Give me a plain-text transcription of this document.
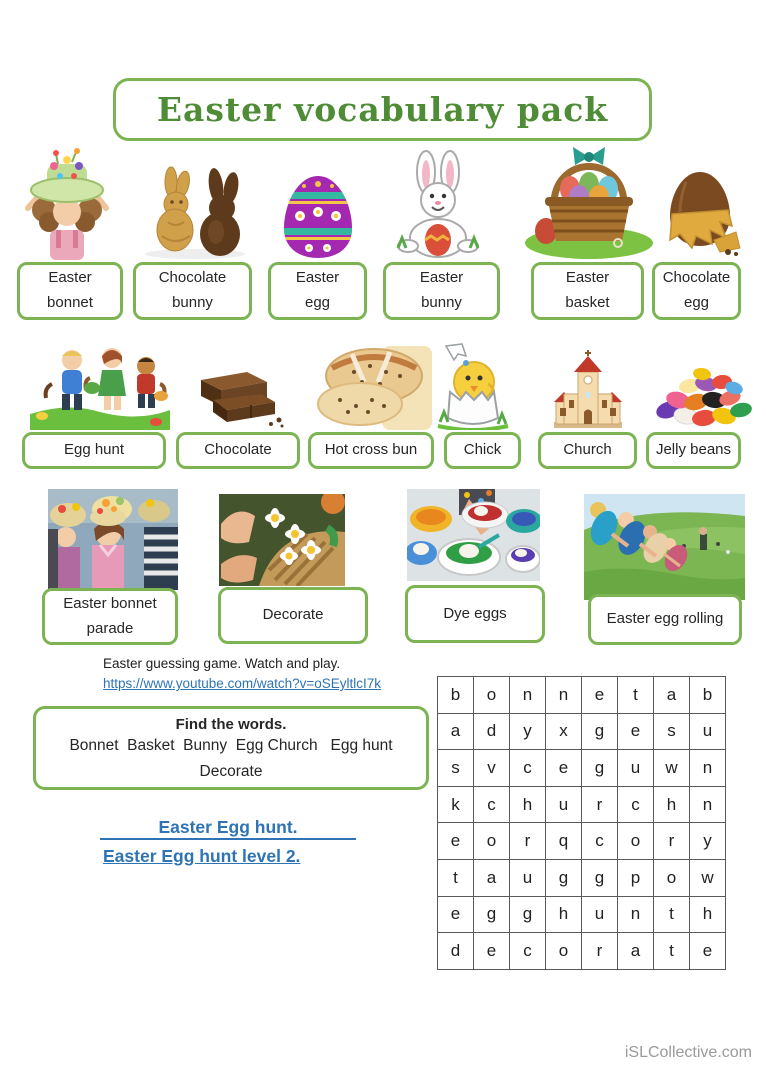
Easter vocabulary pack
Easter bonnet
Chocolate bunny
Easter egg
Easter bunny
Easter basket
Chocolate egg
Egg hunt	Chocolate	Hot cross bun	Chick	Church	Jelly beans
Easter bonnet parade
Decorate	Dye eggs	Easter egg rolling
Easter guessing game. Watch and play.
https://www.youtube.com/watch?v=oSEyltlcI7k
Find the words.
Bonnet  Basket  Bunny  Egg Church   Egg hunt
Decorate
Easter Egg hunt.
Easter Egg hunt level 2.
b	o	n	n	e	t	a	b
a	d	y	x	g	e	s	u
s	v	c	e	g	u	w	n
k	c	h	u	r	c	h	n
e	o	r	q	c	o	r	y
t	a	u	g	g	p	o	w
e	g	g	h	u	n	t	h
d	e	c	o	r	a	t	e
iSLCollective.com
